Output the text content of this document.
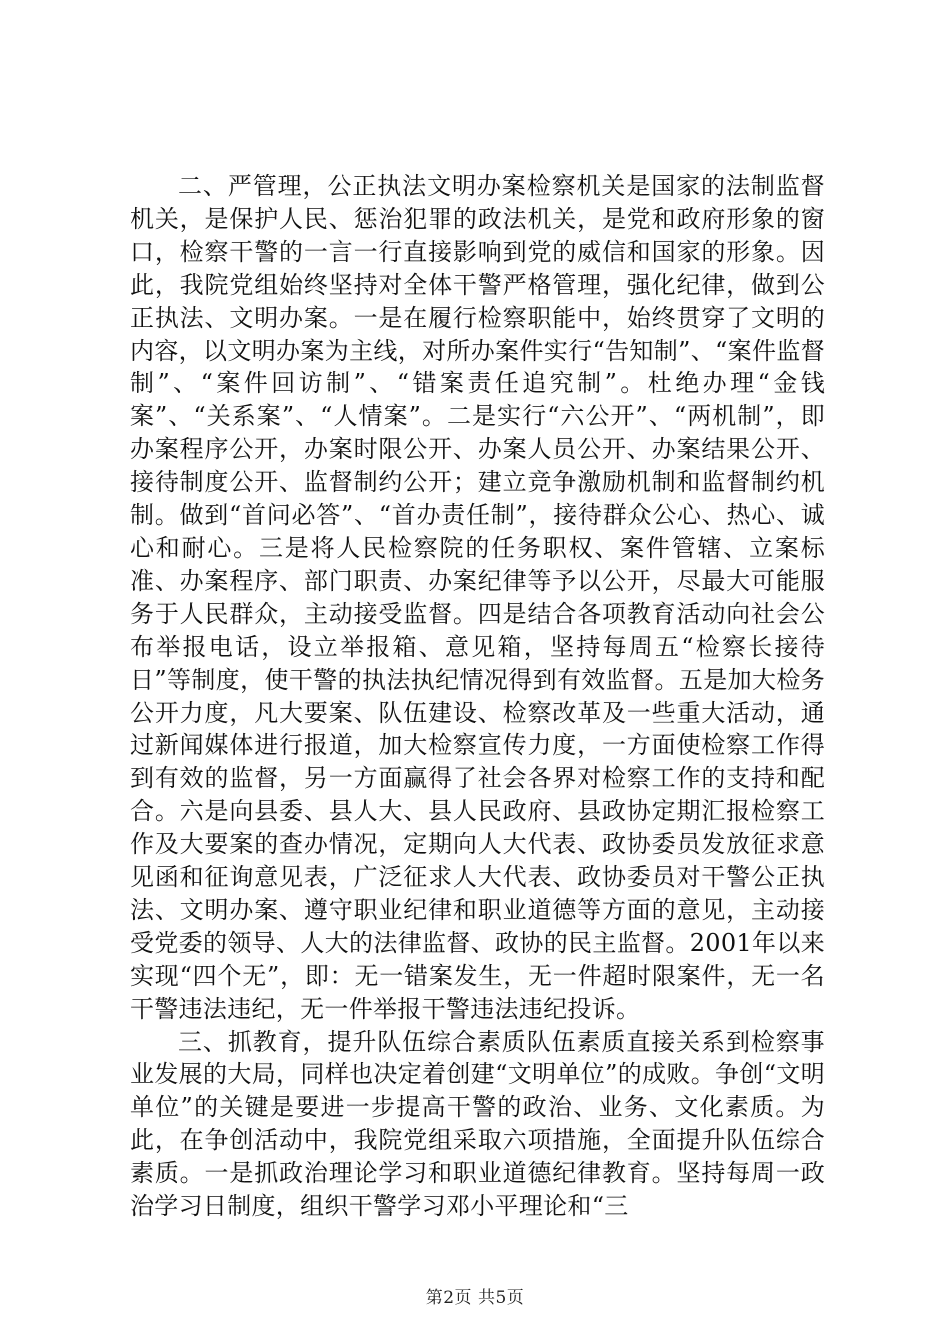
二、严管理，公正执法文明办案检察机关是国家的法制监督机关，是保护人民、惩治犯罪的政法机关，是党和政府形象的窗口，检察干警的一言一行直接影响到党的威信和国家的形象。因此，我院党组始终坚持对全体干警严格管理，强化纪律，做到公正执法、文明办案。一是在履行检察职能中，始终贯穿了文明的内容，以文明办案为主线，对所办案件实行“告知制”、“案件监督制”、“案件回访制”、“错案责任追究制”。杜绝办理“金钱案”、“关系案”、“人情案”。二是实行“六公开”、“两机制”，即办案程序公开，办案时限公开、办案人员公开、办案结果公开、接待制度公开、监督制约公开；建立竞争激励机制和监督制约机制。做到“首问必答”、“首办责任制”，接待群众公心、热心、诚心和耐心。三是将人民检察院的任务职权、案件管辖、立案标准、办案程序、部门职责、办案纪律等予以公开，尽最大可能服务于人民群众，主动接受监督。四是结合各项教育活动向社会公布举报电话，设立举报箱、意见箱，坚持每周五“检察长接待日”等制度，使干警的执法执纪情况得到有效监督。五是加大检务公开力度，凡大要案、队伍建设、检察改革及一些重大活动，通过新闻媒体进行报道，加大检察宣传力度，一方面使检察工作得到有效的监督，另一方面赢得了社会各界对检察工作的支持和配合。六是向县委、县人大、县人民政府、县政协定期汇报检察工作及大要案的查办情况，定期向人大代表、政协委员发放征求意见函和征询意见表，广泛征求人大代表、政协委员对干警公正执法、文明办案、遵守职业纪律和职业道德等方面的意见，主动接受党委的领导、人大的法律监督、政协的民主监督。2001年以来实现“四个无”，即：无一错案发生，无一件超时限案件，无一名干警违法违纪，无一件举报干警违法违纪投诉。

三、抓教育，提升队伍综合素质队伍素质直接关系到检察事业发展的大局，同样也决定着创建“文明单位”的成败。争创“文明单位”的关键是要进一步提高干警的政治、业务、文化素质。为此，在争创活动中，我院党组采取六项措施，全面提升队伍综合素质。一是抓政治理论学习和职业道德纪律教育。坚持每周一政治学习日制度，组织干警学习邓小平理论和“三

第2页 共5页
